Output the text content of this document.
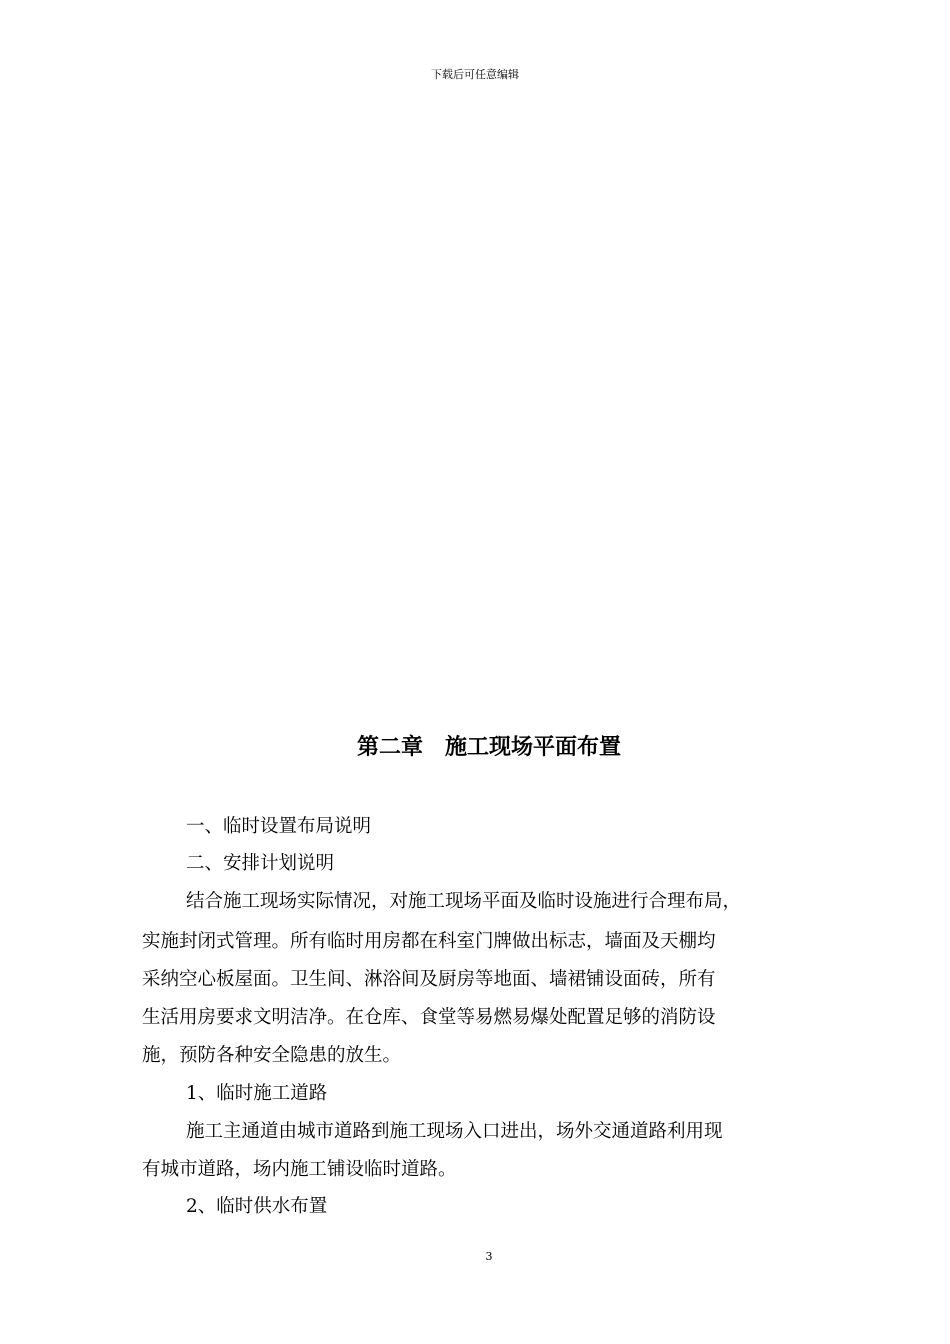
下载后可任意编辑
第二章　施工现场平面布置
一、临时设置布局说明
二、安排计划说明
结合施工现场实际情况，对施工现场平面及临时设施进行合理布局，
实施封闭式管理。所有临时用房都在科室门牌做出标志，墙面及天棚均
采纳空心板屋面。卫生间、淋浴间及厨房等地面、墙裙铺设面砖，所有
生活用房要求文明洁净。在仓库、食堂等易燃易爆处配置足够的消防设
施，预防各种安全隐患的放生。
1、临时施工道路
施工主通道由城市道路到施工现场入口进出，场外交通道路利用现
有城市道路，场内施工铺设临时道路。
2、临时供水布置
3
